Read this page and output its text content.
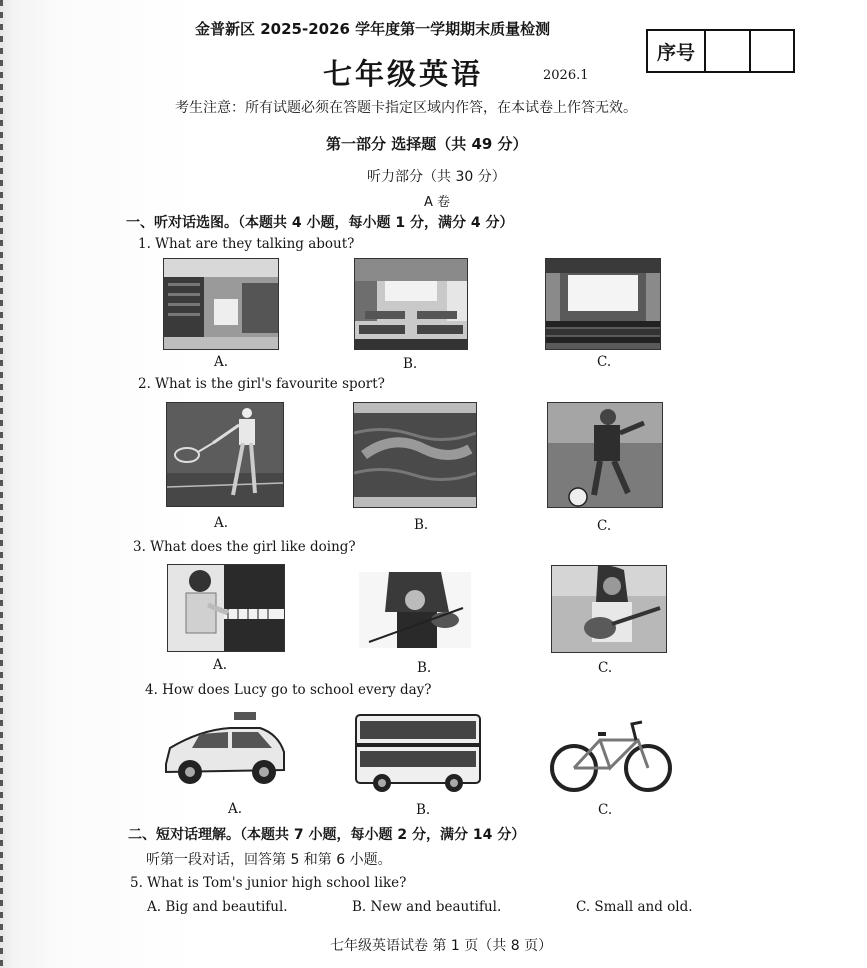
金普新区 2025-2026 学年度第一学期期末质量检测
序号
七年级英语	2026.1
考生注意：所有试题必须在答题卡指定区域内作答，在本试卷上作答无效。
第一部分 选择题（共 49 分）
听力部分（共 30 分）
A 卷
一、听对话选图。（本题共 4 小题，每小题 1 分，满分 4 分）
1. What are they talking about?
A.	B.	C.
2. What is the girl's favourite sport?
A.	B.	C.
3. What does the girl like doing?
A.	B.	C.
4. How does Lucy go to school every day?
A.	B.	C.
二、短对话理解。（本题共 7 小题，每小题 2 分，满分 14 分）
听第一段对话，回答第 5 和第 6 小题。
5. What is Tom's junior high school like?
A. Big and beautiful.	B. New and beautiful.	C. Small and old.
七年级英语试卷 第 1 页（共 8 页）
